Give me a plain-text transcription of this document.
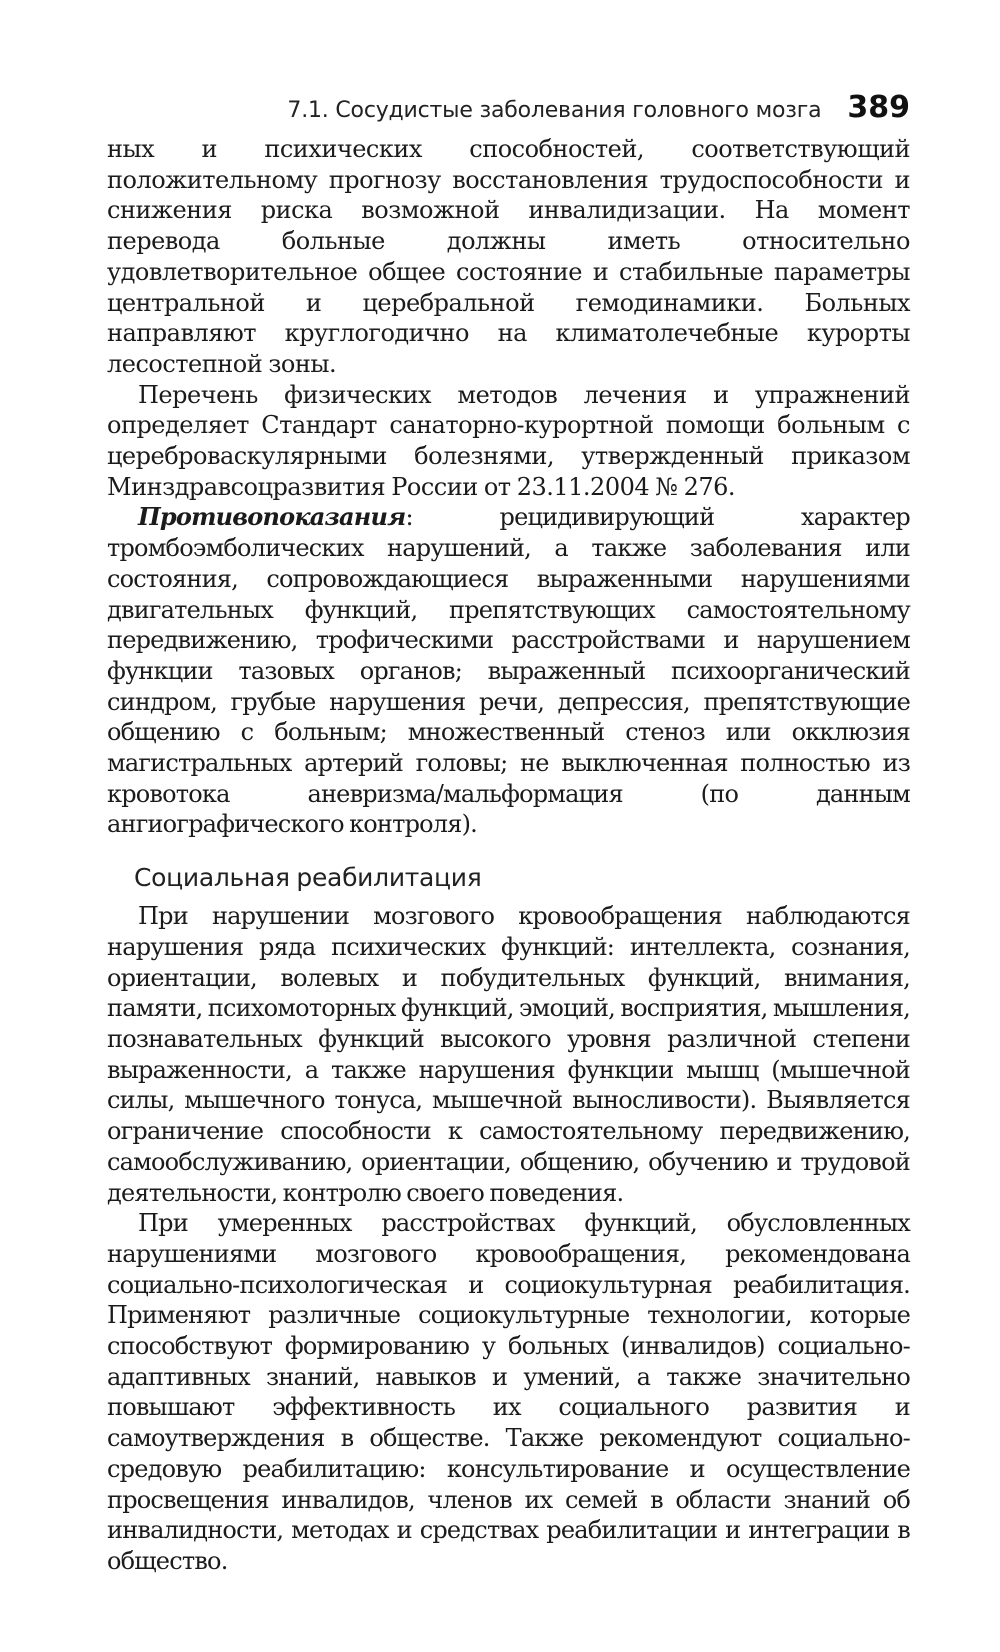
7.1. Сосудистые заболевания головного мозга 389

ных и психических способностей, соответствующий положительному прогнозу восстановления трудоспособности и снижения риска возможной инвалидизации. На момент перевода больные должны иметь относительно удовлетворительное общее состояние и стабильные параметры центральной и церебральной гемодинамики. Больных направляют круглогодично на климатолечебные курорты лесостепной зоны.

Перечень физических методов лечения и упражнений определяет Стандарт санаторно-курортной помощи больным с цереброваскулярными болезнями, утвержденный приказом Минздравсоцразвития России от 23.11.2004 № 276.

Противопоказания: рецидивирующий характер тромбоэмболических нарушений, а также заболевания или состояния, сопровождающиеся выраженными нарушениями двигательных функций, препятствующих самостоятельному передвижению, трофическими расстройствами и нарушением функции тазовых органов; выраженный психоорганический синдром, грубые нарушения речи, депрессия, препятствующие общению с больным; множественный стеноз или окклюзия магистральных артерий головы; не выключенная полностью из кровотока аневризма/мальформация (по данным ангиографического контроля).

Социальная реабилитация

При нарушении мозгового кровообращения наблюдаются нарушения ряда психических функций: интеллекта, сознания, ориентации, волевых и побудительных функций, внимания, памяти, психомоторных функций, эмоций, восприятия, мышления, познавательных функций высокого уровня различной степени выраженности, а также нарушения функции мышц (мышечной силы, мышечного тонуса, мышечной выносливости). Выявляется ограничение способности к самостоятельному передвижению, самообслуживанию, ориентации, общению, обучению и трудовой деятельности, контролю своего поведения.

При умеренных расстройствах функций, обусловленных нарушениями мозгового кровообращения, рекомендована социально-психологическая и социокультурная реабилитация. Применяют различные социокультурные технологии, которые способствуют формированию у больных (инвалидов) социально-адаптивных знаний, навыков и умений, а также значительно повышают эффективность их социального развития и самоутверждения в обществе. Также рекомендуют социально-средовую реабилитацию: консультирование и осуществление просвещения инвалидов, членов их семей в области знаний об инвалидности, методах и средствах реабилитации и интеграции в общество.
